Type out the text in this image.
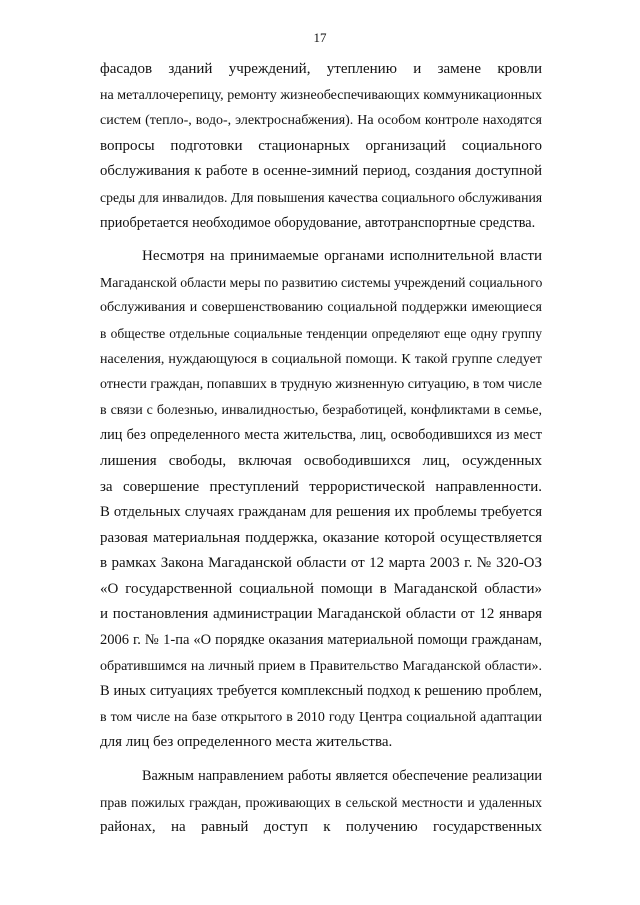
17
фасадов зданий учреждений, утеплению и замене кровли
на металлочерепицу, ремонту жизнеобеспечивающих коммуникационных
систем (тепло-, водо-, электроснабжения). На особом контроле находятся
вопросы подготовки стационарных организаций социального
обслуживания к работе в осенне-зимний период, создания доступной
среды для инвалидов. Для повышения качества социального обслуживания
приобретается необходимое оборудование, автотранспортные средства.
Несмотря на принимаемые органами исполнительной власти
Магаданской области меры по развитию системы учреждений социального
обслуживания и совершенствованию социальной поддержки имеющиеся
в обществе отдельные социальные тенденции определяют еще одну группу
населения, нуждающуюся в социальной помощи. К такой группе следует
отнести граждан, попавших в трудную жизненную ситуацию, в том числе
в связи с болезнью, инвалидностью, безработицей, конфликтами в семье,
лиц без определенного места жительства, лиц, освободившихся из мест
лишения свободы, включая освободившихся лиц, осужденных
за совершение преступлений террористической направленности.
В отдельных случаях гражданам для решения их проблемы требуется
разовая материальная поддержка, оказание которой осуществляется
в рамках Закона Магаданской области от 12 марта 2003 г. № 320-ОЗ
«О государственной социальной помощи в Магаданской области»
и постановления администрации Магаданской области от 12 января
2006 г. № 1-па «О порядке оказания материальной помощи гражданам,
обратившимся на личный прием в Правительство Магаданской области».
В иных ситуациях требуется комплексный подход к решению проблем,
в том числе на базе открытого в 2010 году Центра социальной адаптации
для лиц без определенного места жительства.
Важным направлением работы является обеспечение реализации
прав пожилых граждан, проживающих в сельской местности и удаленных
районах, на равный доступ к получению государственных
